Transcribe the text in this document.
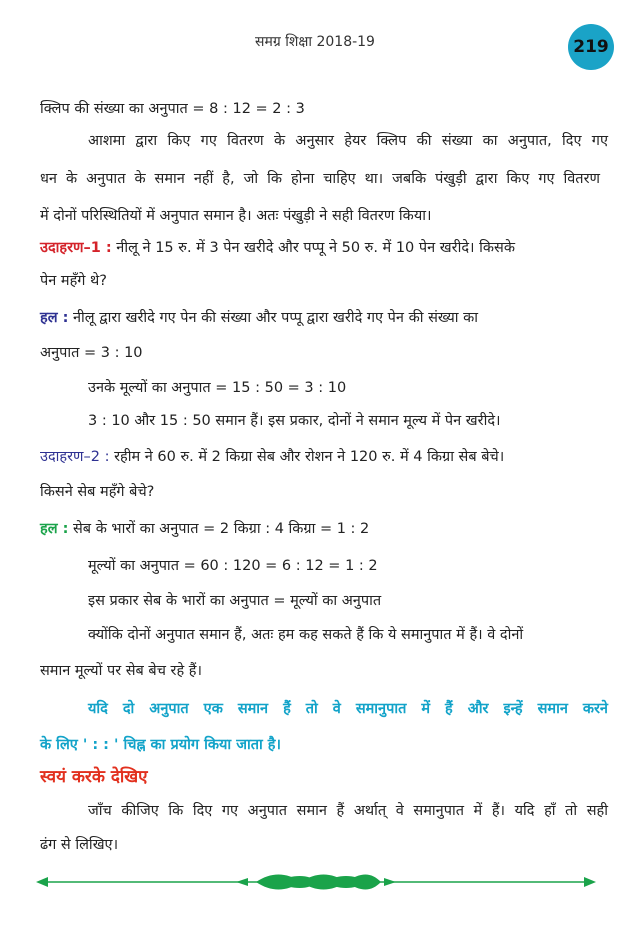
समग्र शिक्षा 2018-19	219
क्लिप की संख्या का अनुपात = 8 : 12 = 2 : 3
आशमा द्वारा किए गए वितरण के अनुसार हेयर क्लिप की संख्या का अनुपात, दिए गए
धन के अनुपात के समान नहीं है, जो कि होना चाहिए था। जबकि पंखुड़ी द्वारा किए गए वितरण
में दोनों परिस्थितियों में अनुपात समान है। अतः पंखुड़ी ने सही वितरण किया।
उदाहरण–1 : नीलू ने 15 रु. में 3 पेन खरीदे और पप्पू ने 50 रु. में 10 पेन खरीदे। किसके
पेन महँगे थे?
हल : नीलू द्वारा खरीदे गए पेन की संख्या और पप्पू द्वारा खरीदे गए पेन की संख्या का
अनुपात = 3 : 10
उनके मूल्यों का अनुपात = 15 : 50 = 3 : 10
3 : 10 और 15 : 50 समान हैं। इस प्रकार, दोनों ने समान मूल्य में पेन खरीदे।
उदाहरण–2 : रहीम ने 60 रु. में 2 किग्रा सेब और रोशन ने 120 रु. में 4 किग्रा सेब बेचे।
किसने सेब महँगे बेचे?
हल : सेब के भारों का अनुपात = 2 किग्रा : 4 किग्रा = 1 : 2
मूल्यों का अनुपात = 60 : 120 = 6 : 12 = 1 : 2
इस प्रकार सेब के भारों का अनुपात = मूल्यों का अनुपात
क्योंकि दोनों अनुपात समान हैं, अतः हम कह सकते हैं कि ये समानुपात में हैं। वे दोनों
समान मूल्यों पर सेब बेच रहे हैं।
यदि दो अनुपात एक समान हैं तो वे समानुपात में हैं और इन्हें समान करने
के लिए ' : : ' चिह्न का प्रयोग किया जाता है।
स्वयं करके देखिए
जाँच कीजिए कि दिए गए अनुपात समान हैं अर्थात् वे समानुपात में हैं। यदि हाँ तो सही
ढंग से लिखिए।
